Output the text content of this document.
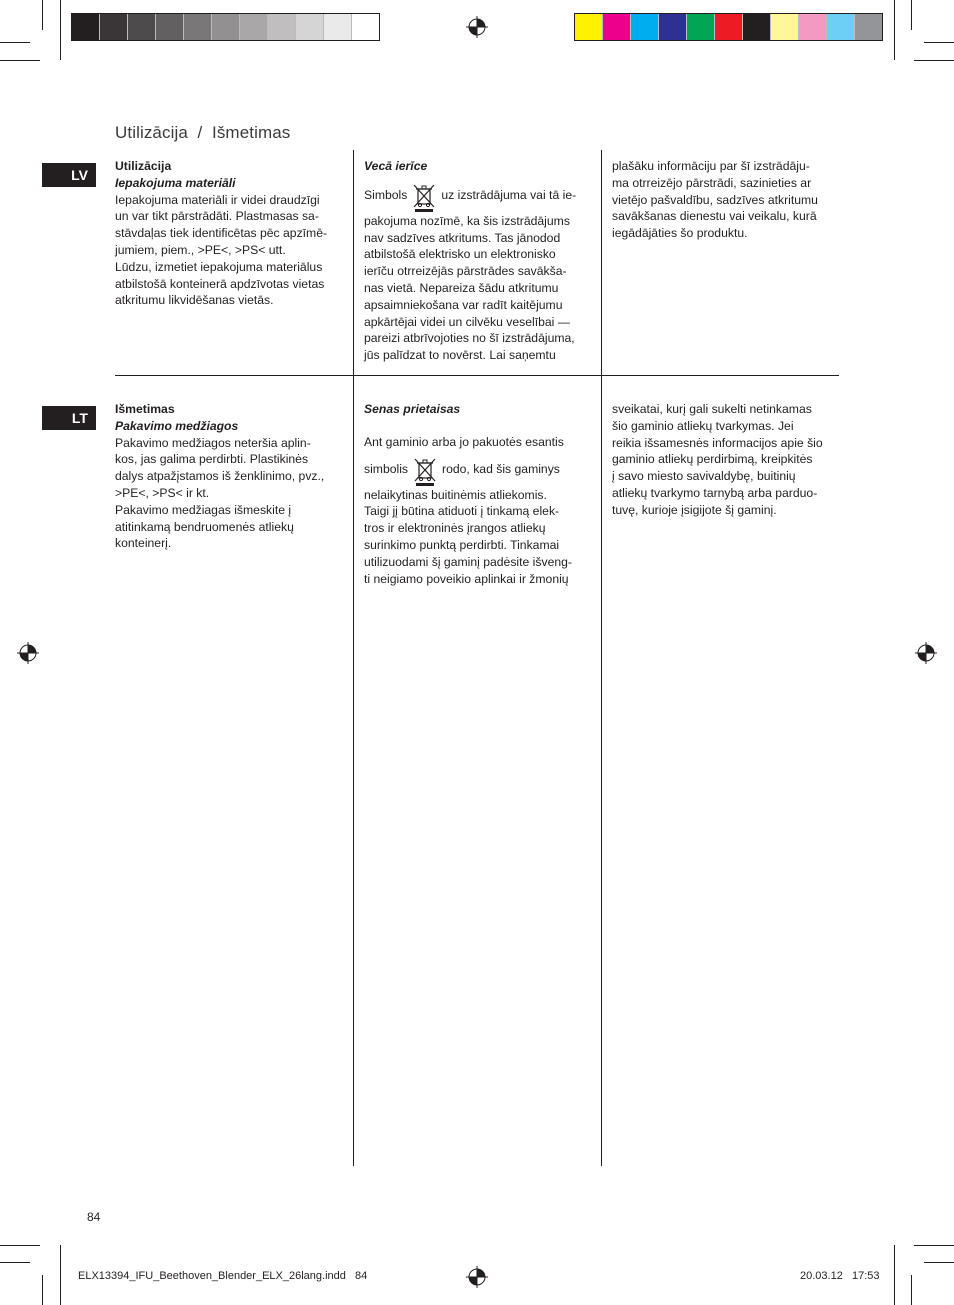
Utilizācija  /  Išmetimas
LV

Utilizācija

Iepakojuma materiāli

Iepakojuma materiāli ir videi draudzīgi

un var tikt pārstrādāti. Plastmasas sa-

stāvdaļas tiek identificētas pēc apzīmē-

jumiem, piem., >PE<, >PS< utt.

Lūdzu, izmetiet iepakojuma materiālus

atbilstošā konteinerā apdzīvotas vietas

atkritumu likvidēšanas vietās.

Vecā ierīce

Simbols	uz izstrādājuma vai tā ie-

pakojuma nozīmē, ka šis izstrādājums

nav sadzīves atkritums. Tas jānodod

atbilstošā elektrisko un elektronisko

ierīču otrreizējās pārstrādes savākša-

nas vietā. Nepareiza šādu atkritumu

apsaimniekošana var radīt kaitējumu

apkārtējai videi un cilvēku veselībai —

pareizi atbrīvojoties no šī izstrādājuma,

jūs palīdzat to novērst. Lai saņemtu

plašāku informāciju par šī izstrādāju-

ma otrreizējo pārstrādi, sazinieties ar

vietējo pašvaldību, sadzīves atkritumu

savākšanas dienestu vai veikalu, kurā

iegādājāties šo produktu.

LT

Išmetimas

Pakavimo medžiagos

Pakavimo medžiagos neteršia aplin-

kos, jas galima perdirbti. Plastikinės

dalys atpažįstamos iš ženklinimo, pvz.,

>PE<, >PS< ir kt.

Pakavimo medžiagas išmeskite į

atitinkamą bendruomenės atliekų

konteinerį.

Senas prietaisas

Ant gaminio arba jo pakuotės esantis

simbolis	rodo, kad šis gaminys

nelaikytinas buitinėmis atliekomis.

Taigi jį būtina atiduoti į tinkamą elek-

tros ir elektroninės įrangos atliekų

surinkimo punktą perdirbti. Tinkamai

utilizuodami šį gaminį padėsite išveng-

ti neigiamo poveikio aplinkai ir žmonių

sveikatai, kurį gali sukelti netinkamas

šio gaminio atliekų tvarkymas. Jei

reikia išsamesnės informacijos apie šio

gaminio atliekų perdirbimą, kreipkitės

į savo miesto savivaldybę, buitinių

atliekų tvarkymo tarnybą arba parduo-

tuvę, kurioje įsigijote šį gaminį.

84
ELX13394_IFU_Beethoven_Blender_ELX_26lang.indd   84	20.03.12   17:53
